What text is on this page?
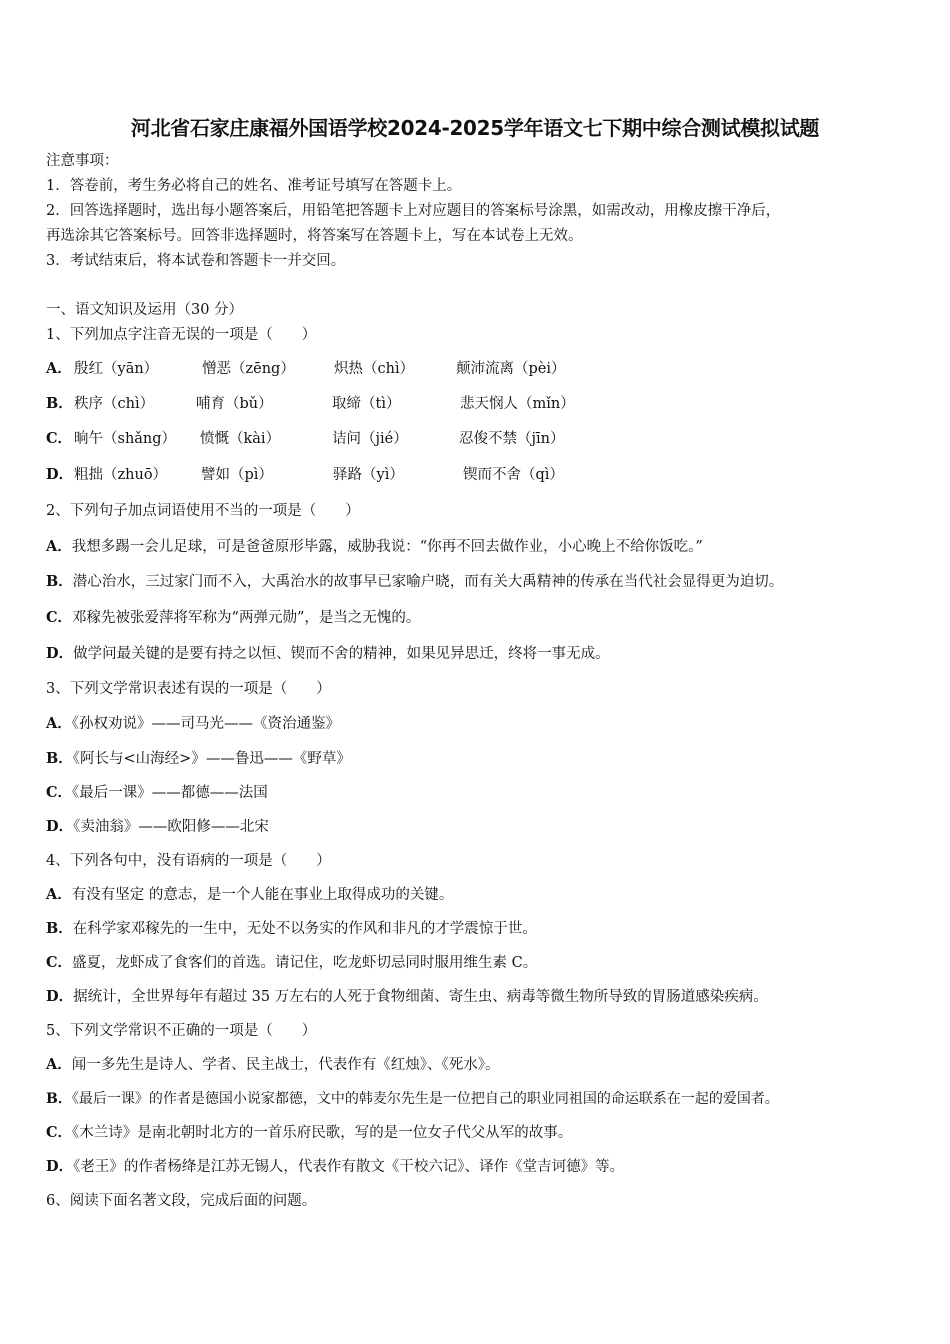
河北省石家庄康福外国语学校2024-2025学年语文七下期中综合测试模拟试题
注意事项：
1．答卷前，考生务必将自己的姓名、准考证号填写在答题卡上。
2．回答选择题时，选出每小题答案后，用铅笔把答题卡上对应题目的答案标号涂黑，如需改动，用橡皮擦干净后，
再选涂其它答案标号。回答非选择题时，将答案写在答题卡上，写在本试卷上无效。
3．考试结束后，将本试卷和答题卡一并交回。
一、语文知识及运用（30 分）
1、下列加点字注音无误的一项是（　　）
A． 殷红（yān）	憎恶（zēng）	炽热（chì）	颠沛流离（pèi）
B． 秩序（chì）	哺育（bǔ）	取缔（tì）	悲天悯人（mǐn）
C． 晌午（shǎng） 愤慨（kài）	诘问（jié）	忍俊不禁（jīn）
D． 粗拙（zhuō） 譬如（pì）	驿路（yì）	锲而不舍（qì）
2、下列句子加点词语使用不当的一项是（　　）
A．我想多踢一会儿足球，可是爸爸原形毕露，威胁我说：“你再不回去做作业，小心晚上不给你饭吃。”
B．潜心治水，三过家门而不入，大禹治水的故事早已家喻户晓，而有关大禹精神的传承在当代社会显得更为迫切。
C．邓稼先被张爱萍将军称为“两弹元勋”，是当之无愧的。
D．做学问最关键的是要有持之以恒、锲而不舍的精神，如果见异思迁，终将一事无成。
3、下列文学常识表述有误的一项是（　　）
A．《孙权劝说》——司马光——《资治通鉴》
B．《阿长与<山海经>》——鲁迅——《野草》
C．《最后一课》——都德——法国
D．《卖油翁》——欧阳修——北宋
4、下列各句中，没有语病的一项是（　　）
A．有没有坚定 的意志，是一个人能在事业上取得成功的关键。
B．在科学家邓稼先的一生中，无处不以务实的作风和非凡的才学震惊于世。
C．盛夏，龙虾成了食客们的首选。请记住，吃龙虾切忌同时服用维生素 C。
D．据统计，全世界每年有超过 35 万左右的人死于食物细菌、寄生虫、病毒等微生物所导致的胃肠道感染疾病。
5、下列文学常识不正确的一项是（　　）
A．闻一多先生是诗人、学者、民主战士，代表作有《红烛》、《死水》。
B．《最后一课》的作者是德国小说家都德，文中的韩麦尔先生是一位把自己的职业同祖国的命运联系在一起的爱国者。
C．《木兰诗》是南北朝时北方的一首乐府民歌，写的是一位女子代父从军的故事。
D．《老王》的作者杨绛是江苏无锡人，代表作有散文《干校六记》、译作《堂吉诃德》等。
6、阅读下面名著文段，完成后面的问题。
